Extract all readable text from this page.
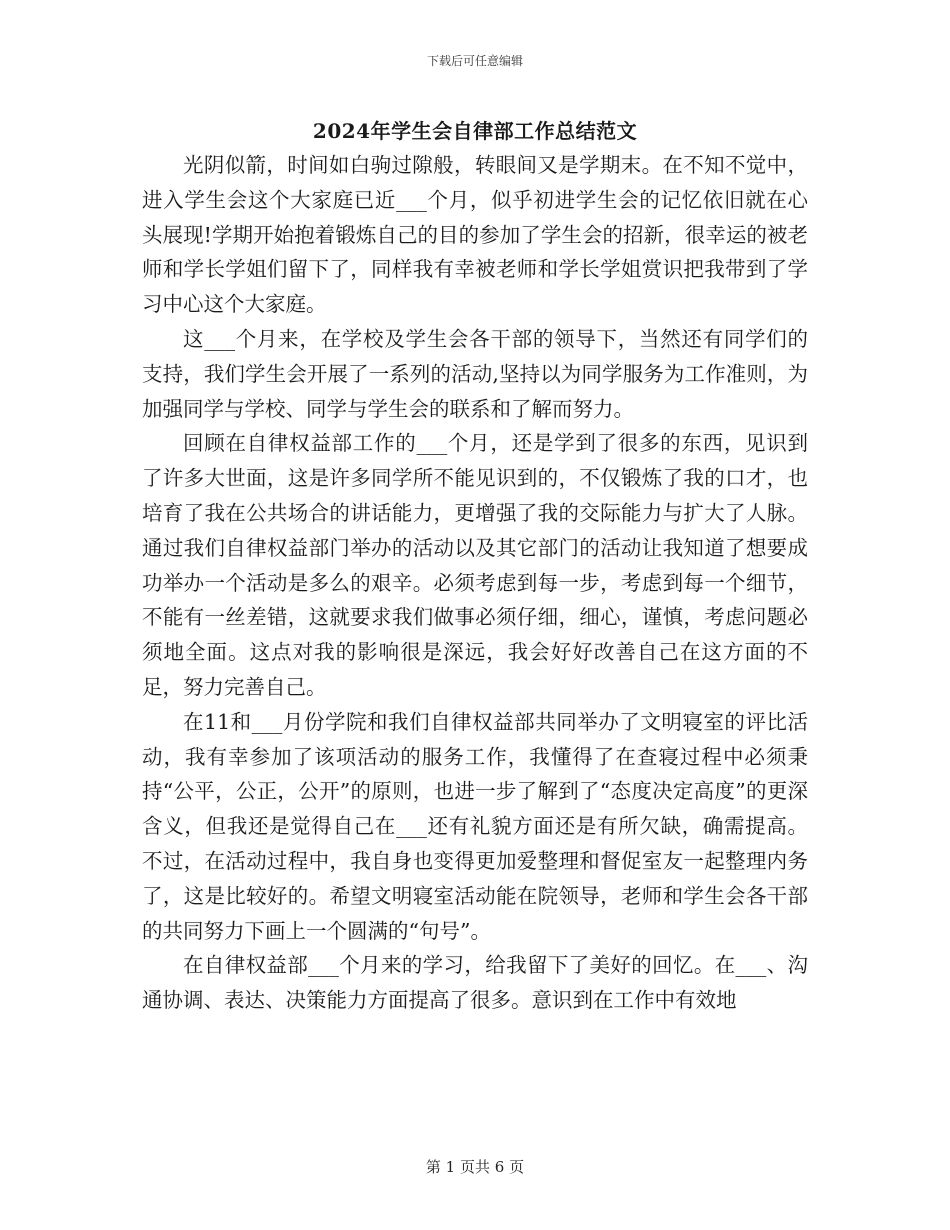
下载后可任意编辑
2024年学生会自律部工作总结范文

光阴似箭，时间如白驹过隙般，转眼间又是学期末。在不知不觉中，进入学生会这个大家庭已近___个月，似乎初进学生会的记忆依旧就在心头展现!学期开始抱着锻炼自己的目的参加了学生会的招新，很幸运的被老师和学长学姐们留下了，同样我有幸被老师和学长学姐赏识把我带到了学习中心这个大家庭。

这___个月来，在学校及学生会各干部的领导下，当然还有同学们的支持，我们学生会开展了一系列的活动,坚持以为同学服务为工作准则，为加强同学与学校、同学与学生会的联系和了解而努力。

回顾在自律权益部工作的___个月，还是学到了很多的东西，见识到了许多大世面，这是许多同学所不能见识到的，不仅锻炼了我的口才，也培育了我在公共场合的讲话能力，更增强了我的交际能力与扩大了人脉。通过我们自律权益部门举办的活动以及其它部门的活动让我知道了想要成功举办一个活动是多么的艰辛。必须考虑到每一步，考虑到每一个细节，不能有一丝差错，这就要求我们做事必须仔细，细心，谨慎，考虑问题必须地全面。这点对我的影响很是深远，我会好好改善自己在这方面的不足，努力完善自己。

在11和___月份学院和我们自律权益部共同举办了文明寝室的评比活动，我有幸参加了该项活动的服务工作，我懂得了在查寝过程中必须秉持“公平，公正，公开”的原则，也进一步了解到了“态度决定高度”的更深含义，但我还是觉得自己在___还有礼貌方面还是有所欠缺，确需提高。不过，在活动过程中，我自身也变得更加爱整理和督促室友一起整理内务了，这是比较好的。希望文明寝室活动能在院领导，老师和学生会各干部的共同努力下画上一个圆满的“句号”。

在自律权益部___个月来的学习，给我留下了美好的回忆。在___、沟通协调、表达、决策能力方面提高了很多。意识到在工作中有效地

第 1 页共 6 页
